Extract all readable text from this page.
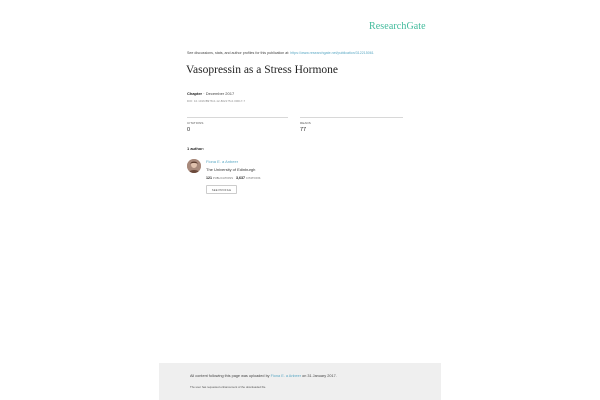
ResearchGate
See discussions, stats, and author profiles for this publication at: https://www.researchgate.net/publication/312215061
Vasopressin as a Stress Hormone
Chapter · December 2017
DOI: 10.1016/B978-0-12-802175-0.00017-7
CITATIONS
0
READS
77
1 author:
Fiona E. a Anbeer
The University of Edinburgh
121 PUBLICATIONS 3,637 CITATIONS
SEE PROFILE
All content following this page was uploaded by Fiona E. a Anbeer on 31 January 2017.
The user has requested enhancement of the downloaded file.
